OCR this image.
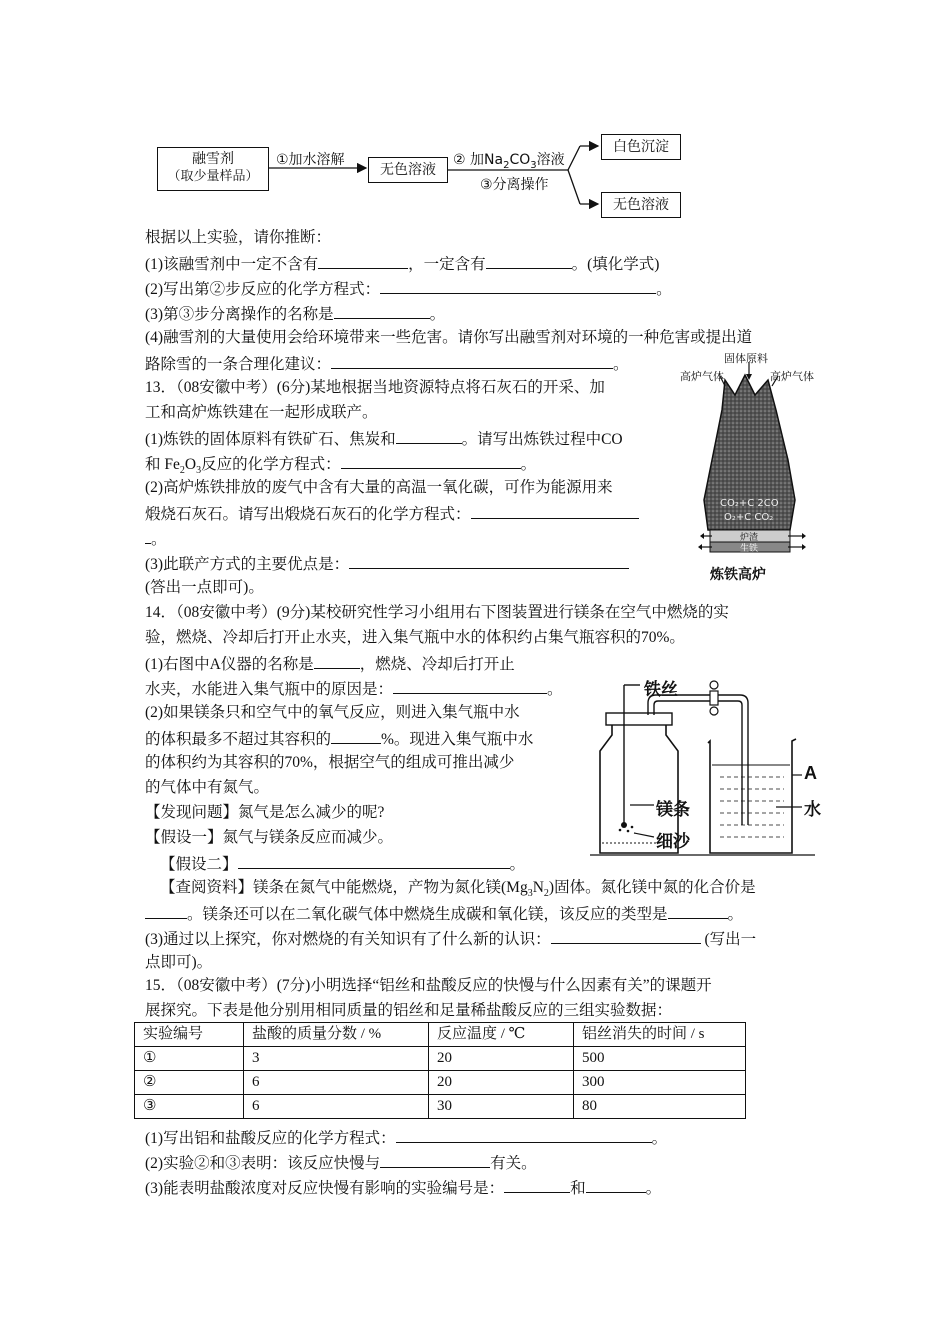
融雪剂
（取少量样品）
①加水溶解
无色溶液
② 加$Na_2CO_3$溶液
③分离操作
白色沉淀
无色溶液
根据以上实验，请你推断：
(1)该融雪剂中一定不含有	，一定含有	。(填化学式)
(2)写出第②步反应的化学方程式：	。
(3)第③步分离操作的名称是	。
(4)融雪剂的大量使用会给环境带来一些危害。请你写出融雪剂对环境的一种危害或提出道
路除雪的一条合理化建议：	。
13．（08安徽中考）(6分)某地根据当地资源特点将石灰石的开采、加
工和高炉炼铁建在一起形成联产。
(1)炼铁的固体原料有铁矿石、焦炭和	。请写出炼铁过程中CO
和 $Fe_2O_3$反应的化学方程式：	。
(2)高炉炼铁排放的废气中含有大量的高温一氧化碳，可作为能源用来
煅烧石灰石。请写出煅烧石灰石的化学方程式：
。
(3)此联产方式的主要优点是：
(答出一点即可)。
固体原料
高炉气体	高炉气体
CO₂+C 2CO
O₂+C CO₂
炉渣
生铁
炼铁高炉
14．（08安徽中考）(9分)某校研究性学习小组用右下图装置进行镁条在空气中燃烧的实
验，燃烧、冷却后打开止水夹，进入集气瓶中水的体积约占集气瓶容积的70%。
(1)右图中A仪器的名称是	，燃烧、冷却后打开止
水夹，水能进入集气瓶中的原因是：	。
(2)如果镁条只和空气中的氧气反应，则进入集气瓶中水
的体积最多不超过其容积的	%。现进入集气瓶中水
的体积约为其容积的70%，根据空气的组成可推出减少
的气体中有氮气。
【发现问题】氮气是怎么减少的呢?
【假设一】氮气与镁条反应而减少。
【假设二】	。
【查阅资料】镁条在氮气中能燃烧，产物为氮化镁$(Mg_3N_2)$固体。氮化镁中氮的化合价是
。镁条还可以在二氧化碳气体中燃烧生成碳和氧化镁，该反应的类型是	。
(3)通过以上探究，你对燃烧的有关知识有了什么新的认识：	(写出一
点即可)。
铁丝
A
水
镁条
细沙
15．（08安徽中考）(7分)小明选择“铝丝和盐酸反应的快慢与什么因素有关”的课题开
展探究。下表是他分别用相同质量的铝丝和足量稀盐酸反应的三组实验数据：
实验编号	盐酸的质量分数 / %	反应温度 / ℃	铝丝消失的时间 / s
①	3	20	500
②	6	20	300
③	6	30	80
(1)写出铝和盐酸反应的化学方程式：	。
(2)实验②和③表明：该反应快慢与	有关。
(3)能表明盐酸浓度对反应快慢有影响的实验编号是：	和	。
